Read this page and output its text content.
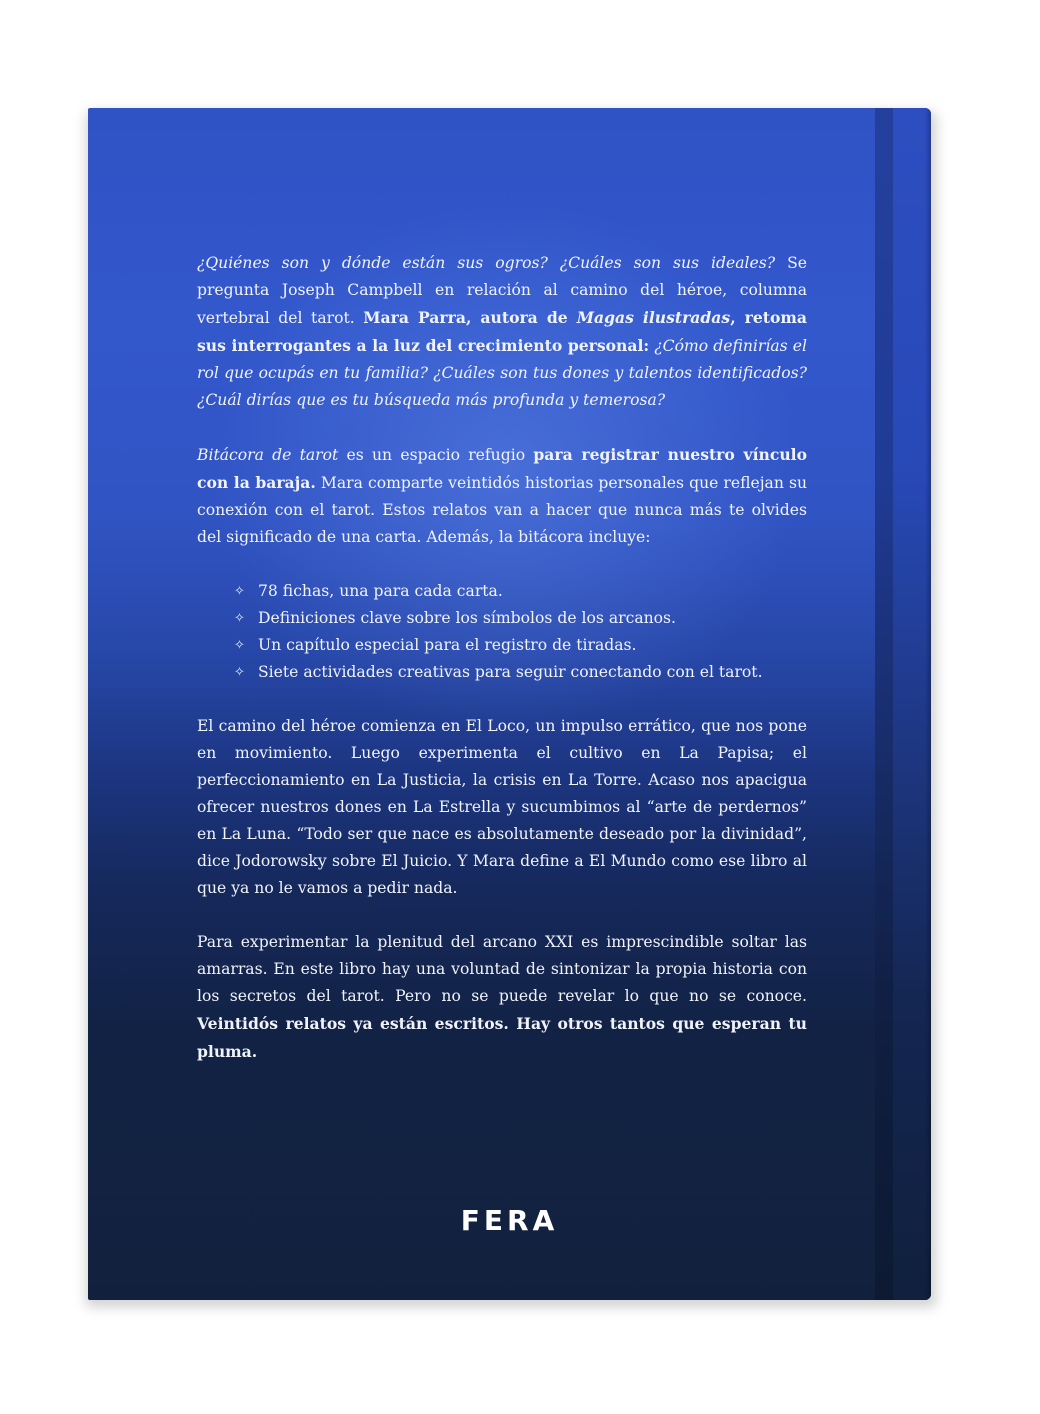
¿Quiénes son y dónde están sus ogros? ¿Cuáles son sus ideales? Se pregunta Joseph Campbell en relación al camino del héroe, columna vertebral del tarot. Mara Parra, autora de Magas ilustradas, retoma sus interrogantes a la luz del crecimiento personal: ¿Cómo definirías el rol que ocupás en tu familia? ¿Cuáles son tus dones y talentos identificados? ¿Cuál dirías que es tu búsqueda más profunda y temerosa?

Bitácora de tarot es un espacio refugio para registrar nuestro vínculo con la baraja. Mara comparte veintidós historias personales que reflejan su conexión con el tarot. Estos relatos van a hacer que nunca más te olvides del significado de una carta. Además, la bitácora incluye:

✧ 78 fichas, una para cada carta.
✧ Definiciones clave sobre los símbolos de los arcanos.
✧ Un capítulo especial para el registro de tiradas.
✧ Siete actividades creativas para seguir conectando con el tarot.

El camino del héroe comienza en El Loco, un impulso errático, que nos pone en movimiento. Luego experimenta el cultivo en La Papisa; el perfeccionamiento en La Justicia, la crisis en La Torre. Acaso nos apacigua ofrecer nuestros dones en La Estrella y sucumbimos al “arte de perdernos” en La Luna. “Todo ser que nace es absolutamente deseado por la divinidad”, dice Jodorowsky sobre El Juicio. Y Mara define a El Mundo como ese libro al que ya no le vamos a pedir nada.

Para experimentar la plenitud del arcano XXI es imprescindible soltar las amarras. En este libro hay una voluntad de sintonizar la propia historia con los secretos del tarot. Pero no se puede revelar lo que no se conoce. Veintidós relatos ya están escritos. Hay otros tantos que esperan tu pluma.

FERA
